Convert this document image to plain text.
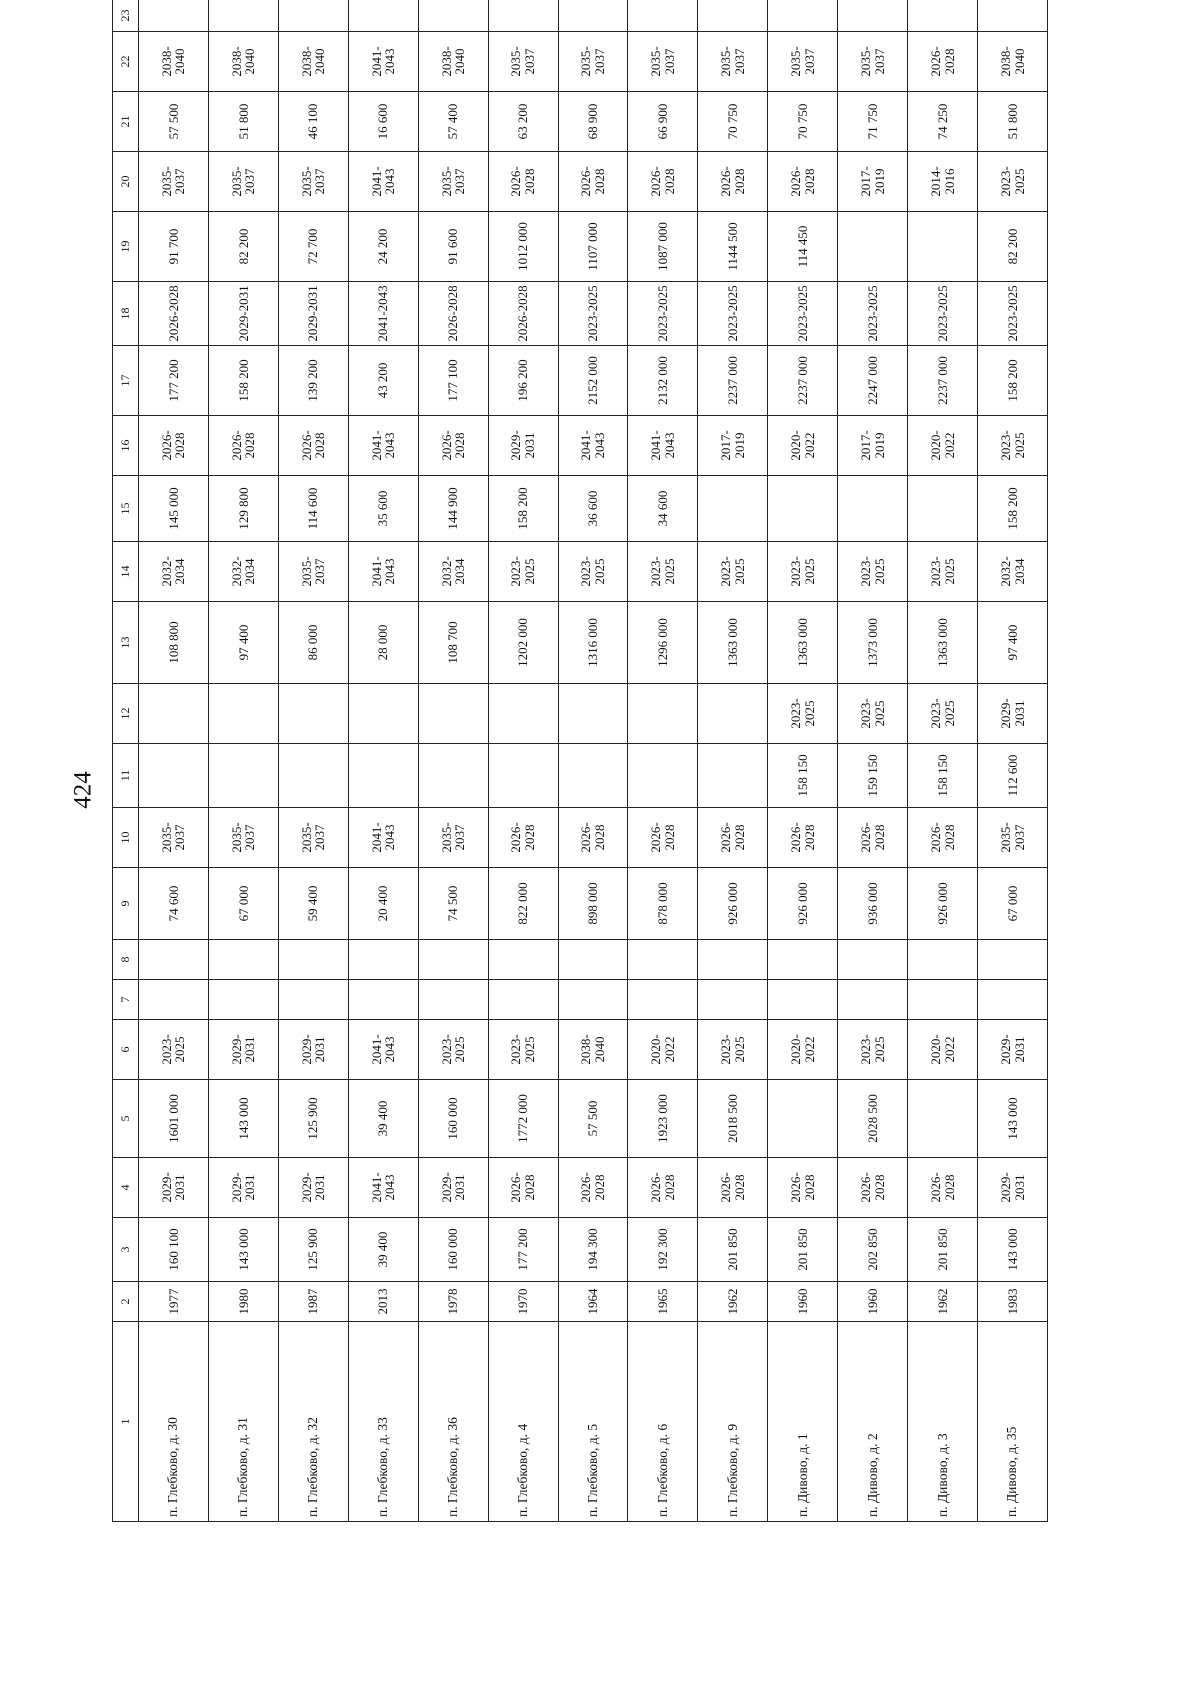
424
1	2	3	4	5	6	7	8	9	10	11	12	13	14	15	16	17	18	19	20	21	22	23	
п. Глебково, д. 30	1977	160 100	2029-2031	1601 000	2023-2025			74 600	2035-2037			108 800	2032-2034	145 000	2026-2028	177 200	2026-2028	91 700	2035-2037	57 500	2038-2040		
п. Глебково, д. 31	1980	143 000	2029-2031	143 000	2029-2031			67 000	2035-2037			97 400	2032-2034	129 800	2026-2028	158 200	2029-2031	82 200	2035-2037	51 800	2038-2040		
п. Глебково, д. 32	1987	125 900	2029-2031	125 900	2029-2031			59 400	2035-2037			86 000	2035-2037	114 600	2026-2028	139 200	2029-2031	72 700	2035-2037	46 100	2038-2040		
п. Глебково, д. 33	2013	39 400	2041-2043	39 400	2041-2043			20 400	2041-2043			28 000	2041-2043	35 600	2041-2043	43 200	2041-2043	24 200	2041-2043	16 600	2041-2043		
п. Глебково, д. 36	1978	160 000	2029-2031	160 000	2023-2025			74 500	2035-2037			108 700	2032-2034	144 900	2026-2028	177 100	2026-2028	91 600	2035-2037	57 400	2038-2040		
п. Глебково, д. 4	1970	177 200	2026-2028	1772 000	2023-2025			822 000	2026-2028			1202 000	2023-2025	158 200	2029-2031	196 200	2026-2028	1012 000	2026-2028	63 200	2035-2037		
п. Глебково, д. 5	1964	194 300	2026-2028	57 500	2038-2040			898 000	2026-2028			1316 000	2023-2025	36 600	2041-2043	2152 000	2023-2025	1107 000	2026-2028	68 900	2035-2037		
п. Глебково, д. 6	1965	192 300	2026-2028	1923 000	2020-2022			878 000	2026-2028			1296 000	2023-2025	34 600	2041-2043	2132 000	2023-2025	1087 000	2026-2028	66 900	2035-2037		
п. Глебково, д. 9	1962	201 850	2026-2028	2018 500	2023-2025			926 000	2026-2028			1363 000	2023-2025		2017-2019	2237 000	2023-2025	1144 500	2026-2028	70 750	2035-2037		
п. Дивово, д. 1	1960	201 850	2026-2028		2020-2022			926 000	2026-2028	158 150	2023-2025	1363 000	2023-2025		2020-2022	2237 000	2023-2025	114 450	2026-2028	70 750	2035-2037		
п. Дивово, д. 2	1960	202 850	2026-2028	2028 500	2023-2025			936 000	2026-2028	159 150	2023-2025	1373 000	2023-2025		2017-2019	2247 000	2023-2025		2017-2019	71 750	2035-2037		
п. Дивово, д. 3	1962	201 850	2026-2028		2020-2022			926 000	2026-2028	158 150	2023-2025	1363 000	2023-2025		2020-2022	2237 000	2023-2025		2014-2016	74 250	2026-2028		
п. Дивово, д. 35	1983	143 000	2029-2031	143 000	2029-2031			67 000	2035-2037	112 600	2029-2031	97 400	2032-2034	158 200	2023-2025	158 200	2023-2025	82 200	2023-2025	51 800	2038-2040		
